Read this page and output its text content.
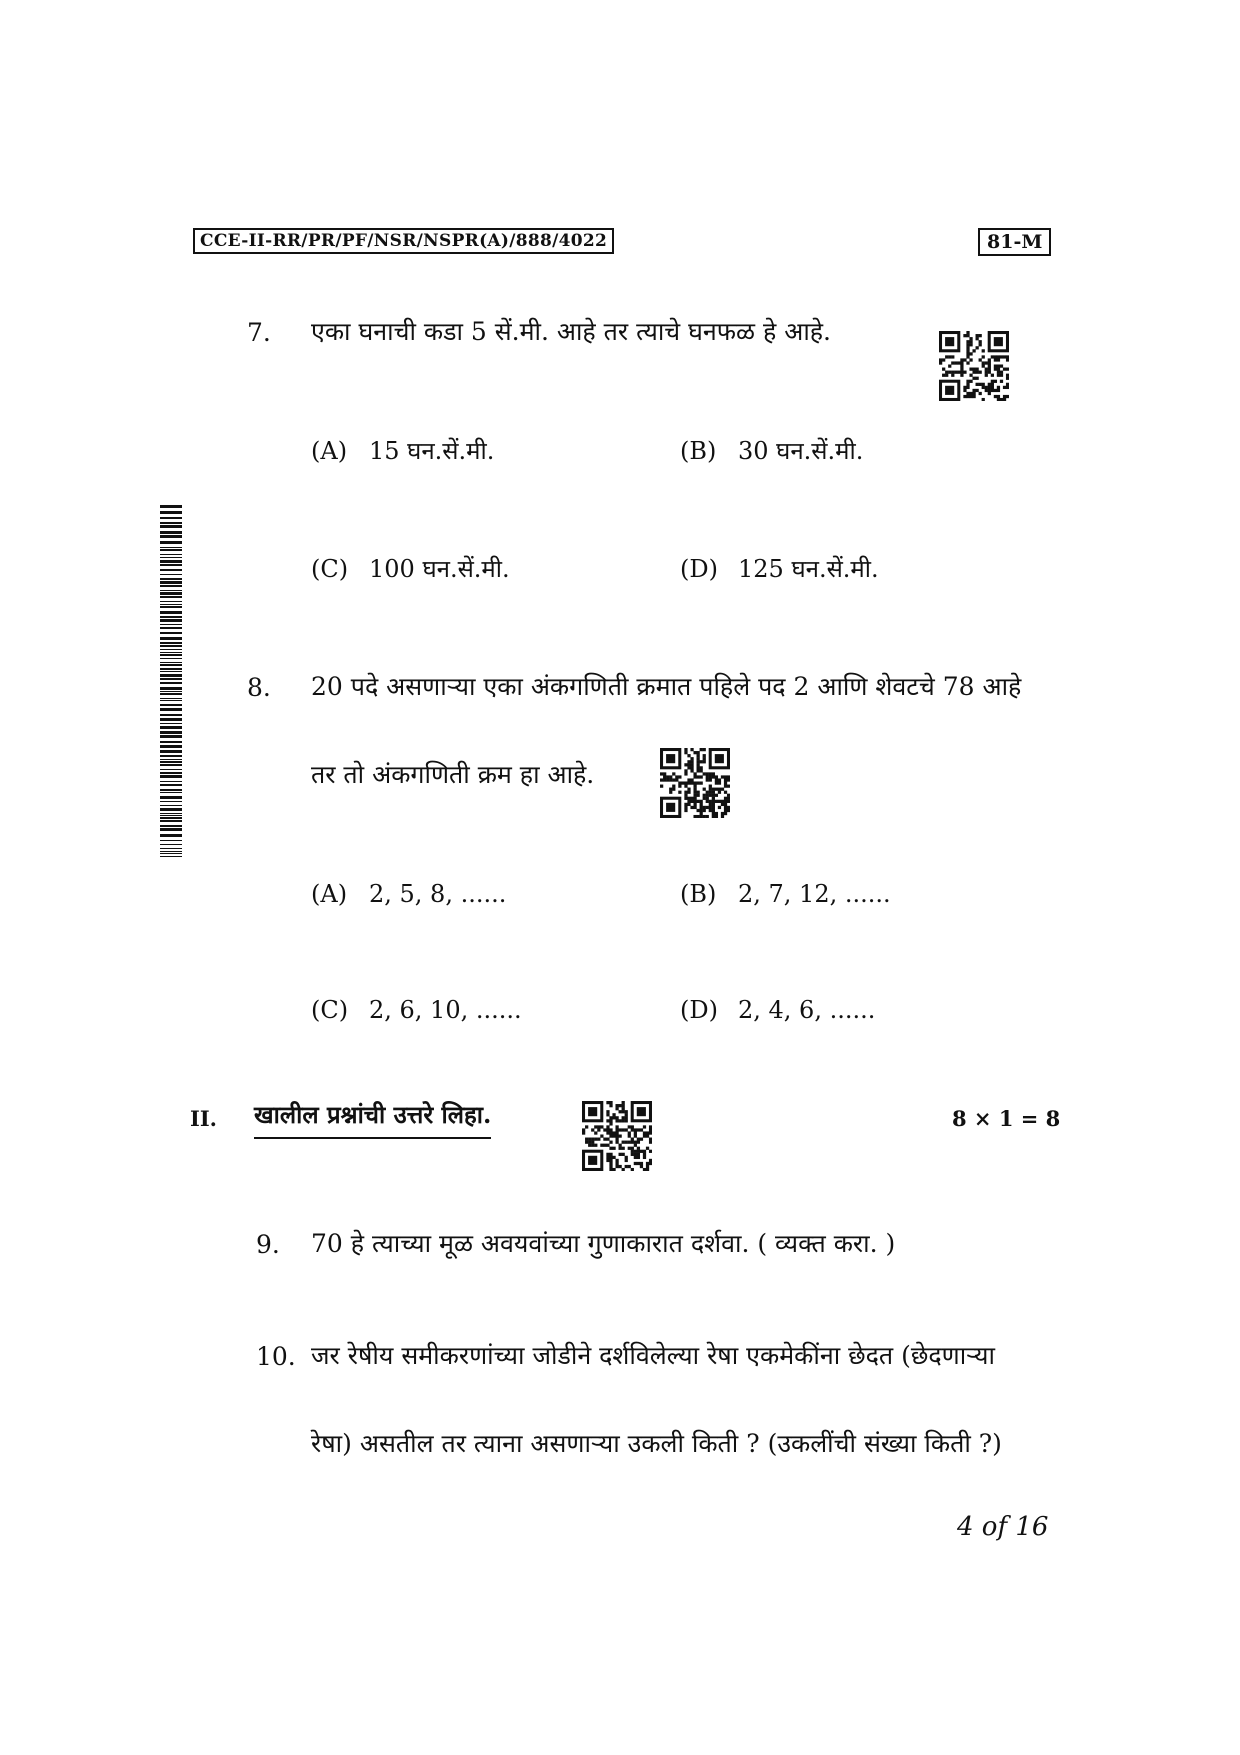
CCE-II-RR/PR/PF/NSR/NSPR(A)/888/4022	81-M
7. एका घनाची कडा 5 सें.मी. आहे तर त्याचे घनफळ हे आहे.
(A) 15 घन.सें.मी.	(B) 30 घन.सें.मी.
(C) 100 घन.सें.मी.	(D) 125 घन.सें.मी.
8. 20 पदे असणाऱ्या एका अंकगणिती क्रमात पहिले पद 2 आणि शेवटचे 78 आहे
तर तो अंकगणिती क्रम हा आहे.
(A) 2, 5, 8, ......	(B) 2, 7, 12, ......
(C) 2, 6, 10, ......	(D) 2, 4, 6, ......
II. खालील प्रश्नांची उत्तरे लिहा.	8 × 1 = 8
9. 70 हे त्याच्या मूळ अवयवांच्या गुणाकारात दर्शवा. ( व्यक्त करा. )
10. जर रेषीय समीकरणांच्या जोडीने दर्शविलेल्या रेषा एकमेकींना छेदत (छेदणाऱ्या
रेषा) असतील तर त्याना असणाऱ्या उकली किती ? (उकलींची संख्या किती ?)
4 of 16
